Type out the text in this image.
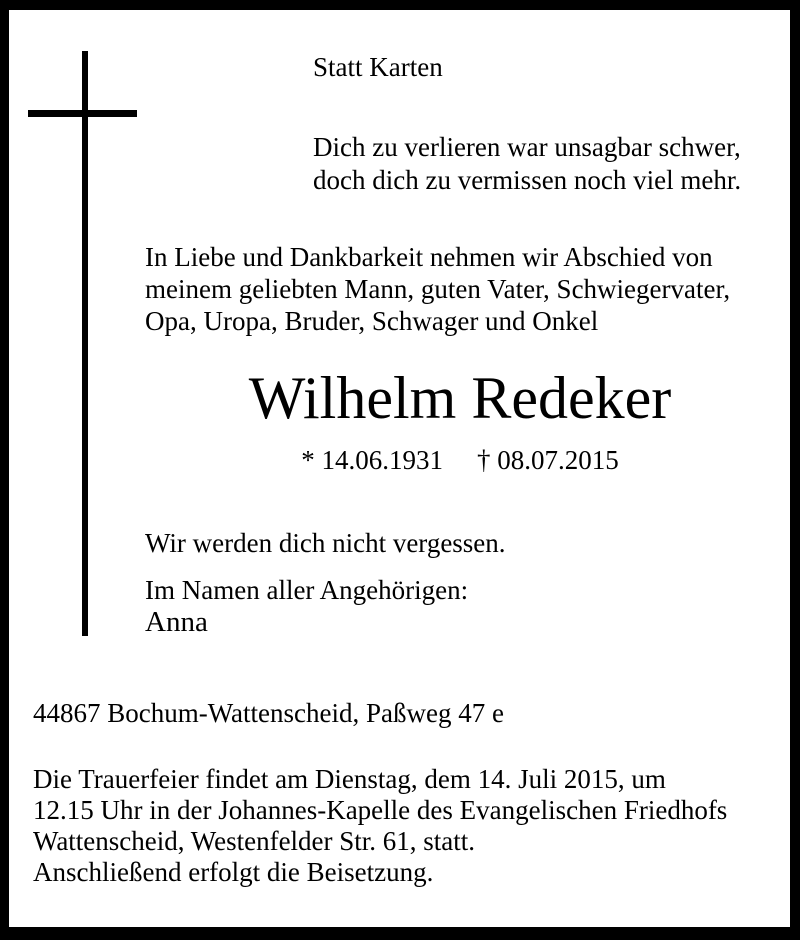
Statt Karten
Dich zu verlieren war unsagbar schwer,
doch dich zu vermissen noch viel mehr.
In Liebe und Dankbarkeit nehmen wir Abschied von
meinem geliebten Mann, guten Vater, Schwiegervater,
Opa, Uropa, Bruder, Schwager und Onkel
Wilhelm Redeker
* 14.06.1931 † 08.07.2015
Wir werden dich nicht vergessen.
Im Namen aller Angehörigen:
Anna
44867 Bochum-Wattenscheid, Paßweg 47 e
Die Trauerfeier findet am Dienstag, dem 14. Juli 2015, um
12.15 Uhr in der Johannes-Kapelle des Evangelischen Friedhofs
Wattenscheid, Westenfelder Str. 61, statt.
Anschließend erfolgt die Beisetzung.
